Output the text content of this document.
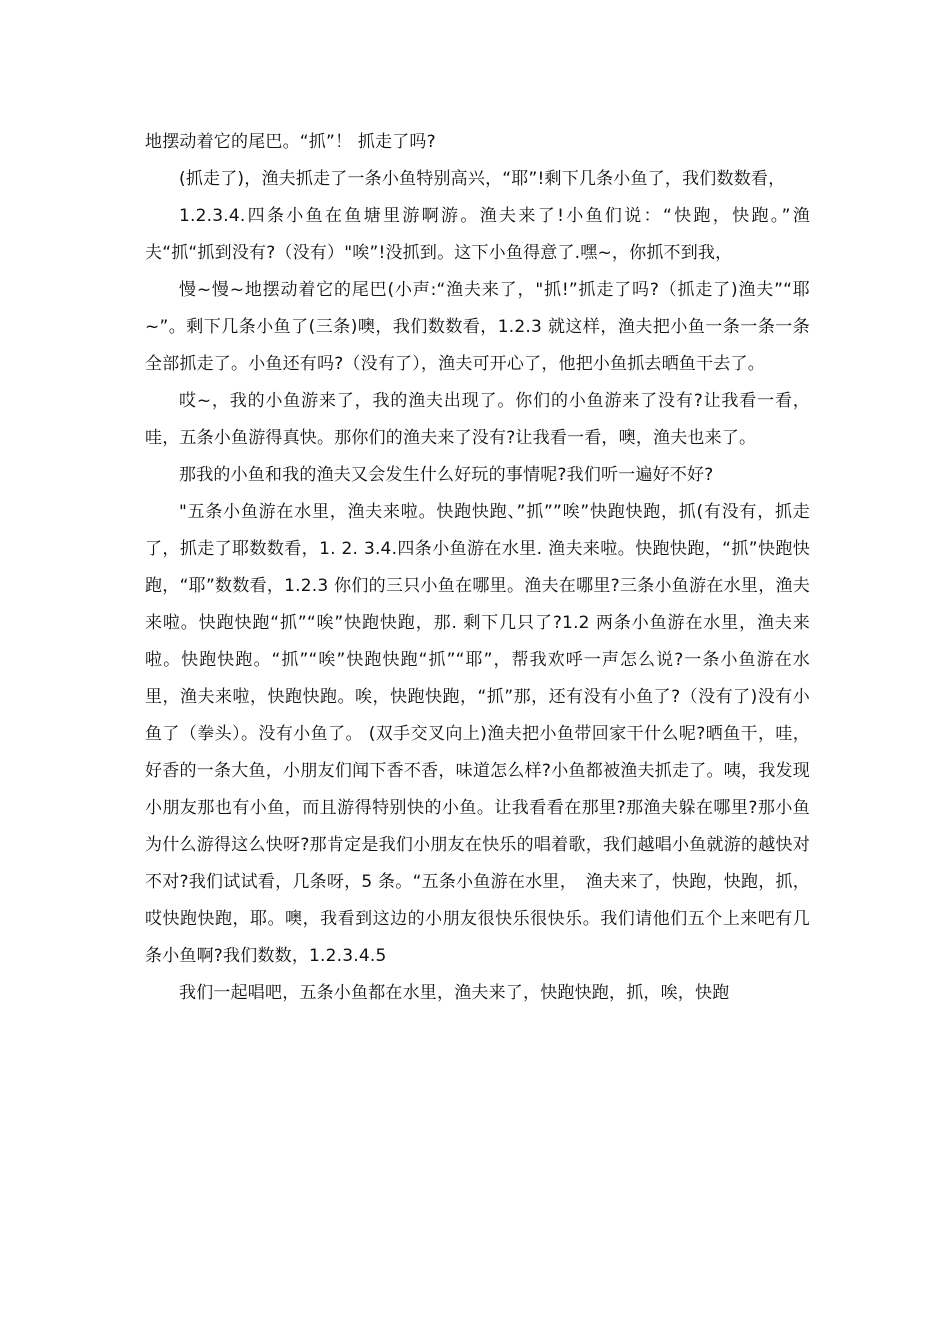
地摆动着它的尾巴。“抓”！ 抓走了吗?

(抓走了)，渔夫抓走了一条小鱼特别高兴，“耶”!剩下几条小鱼了，我们数数看，

1.2.3.4.四条小鱼在鱼塘里游啊游。渔夫来了!小鱼们说：“快跑，快跑。”渔夫“抓“抓到没有?（没有）"唉”!没抓到。这下小鱼得意了.嘿~，你抓不到我，

慢~慢~地摆动着它的尾巴(小声:“渔夫来了，"抓!”抓走了吗?（抓走了)渔夫”“耶~”。剩下几条小鱼了(三条)噢，我们数数看，1.2.3 就这样，渔夫把小鱼一条一条一条全部抓走了。小鱼还有吗?（没有了），渔夫可开心了，他把小鱼抓去晒鱼干去了。

哎~，我的小鱼游来了，我的渔夫出现了。你们的小鱼游来了没有?让我看一看，哇，五条小鱼游得真快。那你们的渔夫来了没有?让我看一看，噢，渔夫也来了。

那我的小鱼和我的渔夫又会发生什么好玩的事情呢?我们听一遍好不好?

"五条小鱼游在水里，渔夫来啦。快跑快跑、”抓””唉”快跑快跑，抓(有没有，抓走了，抓走了耶数数看，1. 2. 3.4.四条小鱼游在水里. 渔夫来啦。快跑快跑，“抓”快跑快跑，“耶”数数看，1.2.3 你们的三只小鱼在哪里。渔夫在哪里?三条小鱼游在水里，渔夫来啦。快跑快跑“抓”“唉”快跑快跑，那. 剩下几只了?1.2 两条小鱼游在水里，渔夫来啦。快跑快跑。“抓”“唉”快跑快跑“抓”“耶”，帮我欢呼一声怎么说?一条小鱼游在水里，渔夫来啦，快跑快跑。唉，快跑快跑，“抓”那，还有没有小鱼了?（没有了)没有小鱼了（拳头）。没有小鱼了。 (双手交叉向上)渔夫把小鱼带回家干什么呢?晒鱼干，哇，好香的一条大鱼，小朋友们闻下香不香，味道怎么样?小鱼都被渔夫抓走了。咦，我发现小朋友那也有小鱼，而且游得特别快的小鱼。让我看看在那里?那渔夫躲在哪里?那小鱼为什么游得这么快呀?那肯定是我们小朋友在快乐的唱着歌，我们越唱小鱼就游的越快对不对?我们试试看，几条呀，5 条。“五条小鱼游在水里，　渔夫来了，快跑，快跑，抓，哎快跑快跑，耶。噢，我看到这边的小朋友很快乐很快乐。我们请他们五个上来吧有几条小鱼啊?我们数数，1.2.3.4.5

我们一起唱吧，五条小鱼都在水里，渔夫来了，快跑快跑，抓，唉，快跑
